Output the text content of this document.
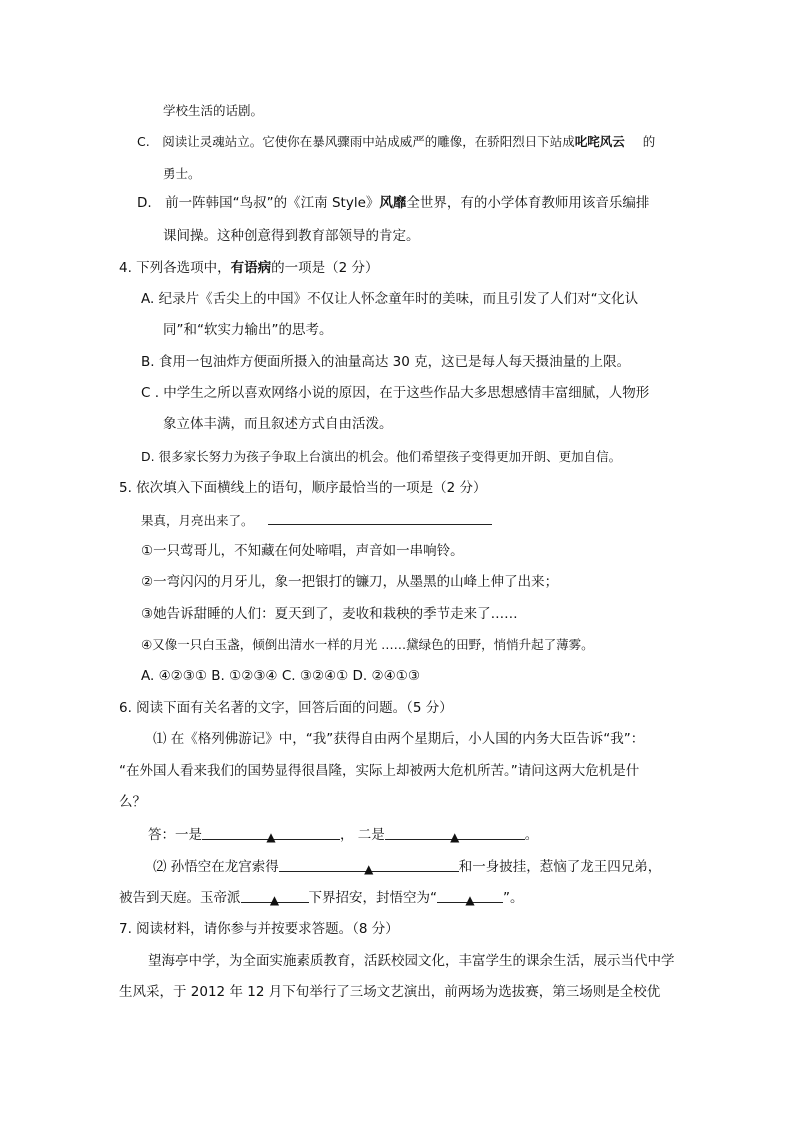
学校生活的话剧。
C.　阅读让灵魂站立。它使你在暴风骤雨中站成威严的雕像，在骄阳烈日下站成叱咤风云 的
勇士。
D.　前一阵韩国“鸟叔”的《江南 Style》风靡全世界，有的小学体育教师用该音乐编排
课间操。这种创意得到教育部领导的肯定。
4. 下列各选项中，有语病的一项是（2 分）
A. 纪录片《舌尖上的中国》不仅让人怀念童年时的美味，而且引发了人们对“文化认
同”和“软实力输出”的思考。
B. 食用一包油炸方便面所摄入的油量高达 30 克，这已是每人每天摄油量的上限。
C . 中学生之所以喜欢网络小说的原因，在于这些作品大多思想感情丰富细腻，人物形
象立体丰满，而且叙述方式自由活泼。
D. 很多家长努力为孩子争取上台演出的机会。他们希望孩子变得更加开朗、更加自信。
5. 依次填入下面横线上的语句，顺序最恰当的一项是（2 分）
果真，月亮出来了。
①一只莺哥儿，不知藏在何处啼唱，声音如一串响铃。
②一弯闪闪的月牙儿，象一把银打的镰刀，从墨黑的山峰上伸了出来；
③她告诉甜睡的人们：夏天到了，麦收和栽秧的季节走来了……
④又像一只白玉盏，倾倒出清水一样的月光 ……黛绿色的田野，悄悄升起了薄雾。
A. ④②③① B. ①②③④ C. ③②④① D. ②④①③
6. 阅读下面有关名著的文字，回答后面的问题。（5 分）
⑴ 在《格列佛游记》中，“我”获得自由两个星期后，小人国的内务大臣告诉“我”：
“在外国人看来我们的国势显得很昌隆，实际上却被两大危机所苦。”请问这两大危机是什
么？
答：一是	▲	， 二是	▲	。
⑵ 孙悟空在龙宫索得	▲	和一身披挂，惹恼了龙王四兄弟，
被告到天庭。玉帝派 ▲ 下界招安，封悟空为“ ▲ ”。
7. 阅读材料，请你参与并按要求答题。（8 分）
望海亭中学，为全面实施素质教育，活跃校园文化，丰富学生的课余生活，展示当代中学
生风采，于 2012 年 12 月下旬举行了三场文艺演出，前两场为选拔赛，第三场则是全校优
